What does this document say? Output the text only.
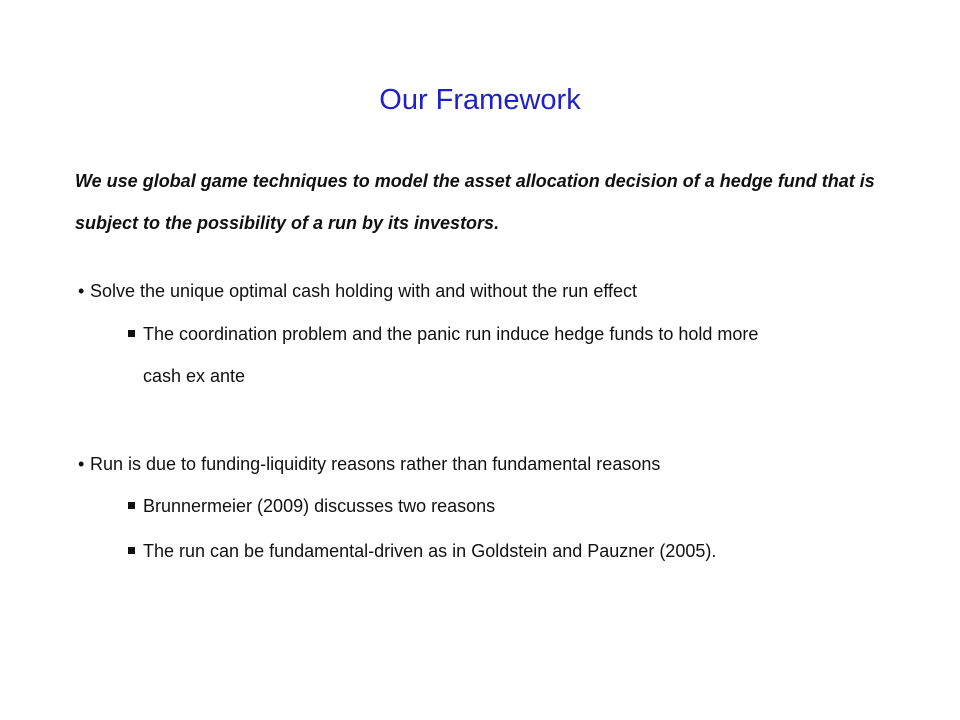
Our Framework
We use global game techniques to model the asset allocation decision of a hedge fund that is subject to the possibility of a run by its investors.
• Solve the unique optimal cash holding with and without the run effect
The coordination problem and the panic run induce hedge funds to hold more
cash ex ante
• Run is due to funding-liquidity reasons rather than fundamental reasons
Brunnermeier (2009) discusses two reasons
The run can be fundamental-driven as in Goldstein and Pauzner (2005).
